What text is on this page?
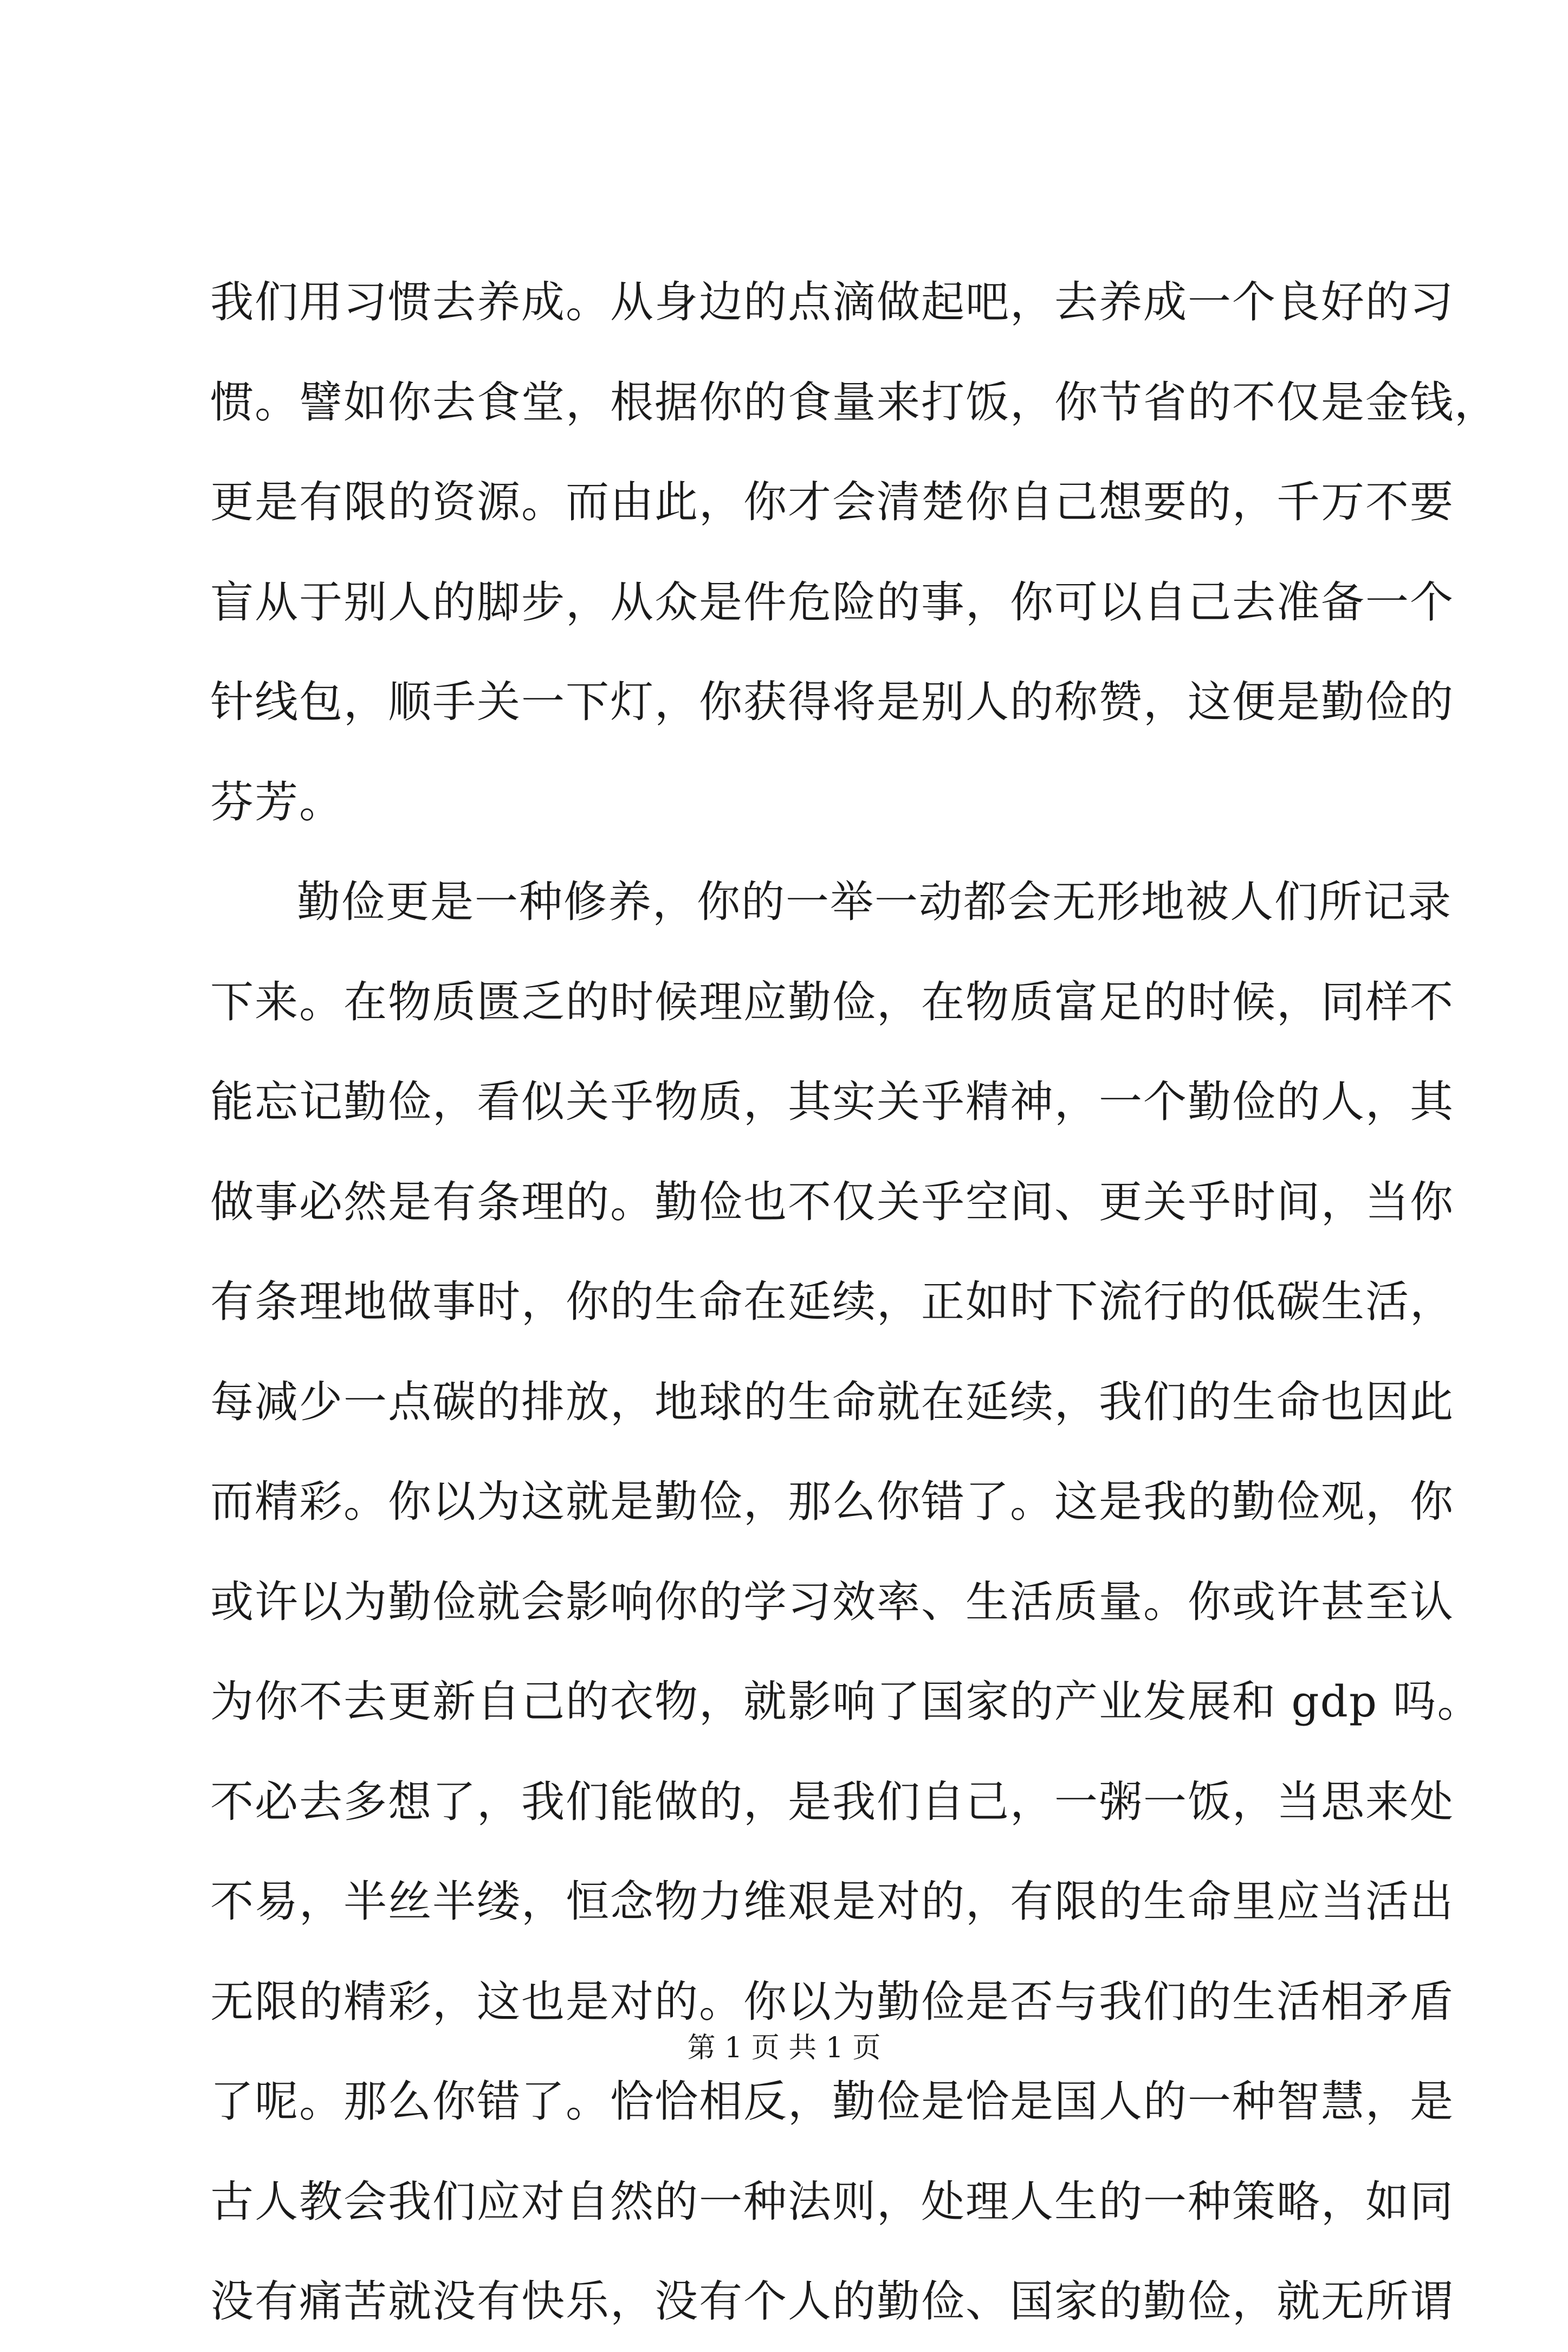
我们用习惯去养成。从身边的点滴做起吧，去养成一个良好的习
惯。譬如你去食堂，根据你的食量来打饭，你节省的不仅是金钱，
更是有限的资源。而由此，你才会清楚你自己想要的，千万不要
盲从于别人的脚步，从众是件危险的事，你可以自己去准备一个
针线包，顺手关一下灯，你获得将是别人的称赞，这便是勤俭的
芬芳。
勤俭更是一种修养，你的一举一动都会无形地被人们所记录
下来。在物质匮乏的时候理应勤俭，在物质富足的时候，同样不
能忘记勤俭，看似关乎物质，其实关乎精神，一个勤俭的人，其
做事必然是有条理的。勤俭也不仅关乎空间、更关乎时间，当你
有条理地做事时，你的生命在延续，正如时下流行的低碳生活，
每减少一点碳的排放，地球的生命就在延续，我们的生命也因此
而精彩。你以为这就是勤俭，那么你错了。这是我的勤俭观，你
或许以为勤俭就会影响你的学习效率、生活质量。你或许甚至认
为你不去更新自己的衣物，就影响了国家的产业发展和 gdp 吗。
不必去多想了，我们能做的，是我们自己，一粥一饭，当思来处
不易，半丝半缕，恒念物力维艰是对的，有限的生命里应当活出
无限的精彩，这也是对的。你以为勤俭是否与我们的生活相矛盾
了呢。那么你错了。恰恰相反，勤俭是恰是国人的一种智慧，是
古人教会我们应对自然的一种法则，处理人生的一种策略，如同
没有痛苦就没有快乐，没有个人的勤俭、国家的勤俭，就无所谓
第 1 页 共 1 页
